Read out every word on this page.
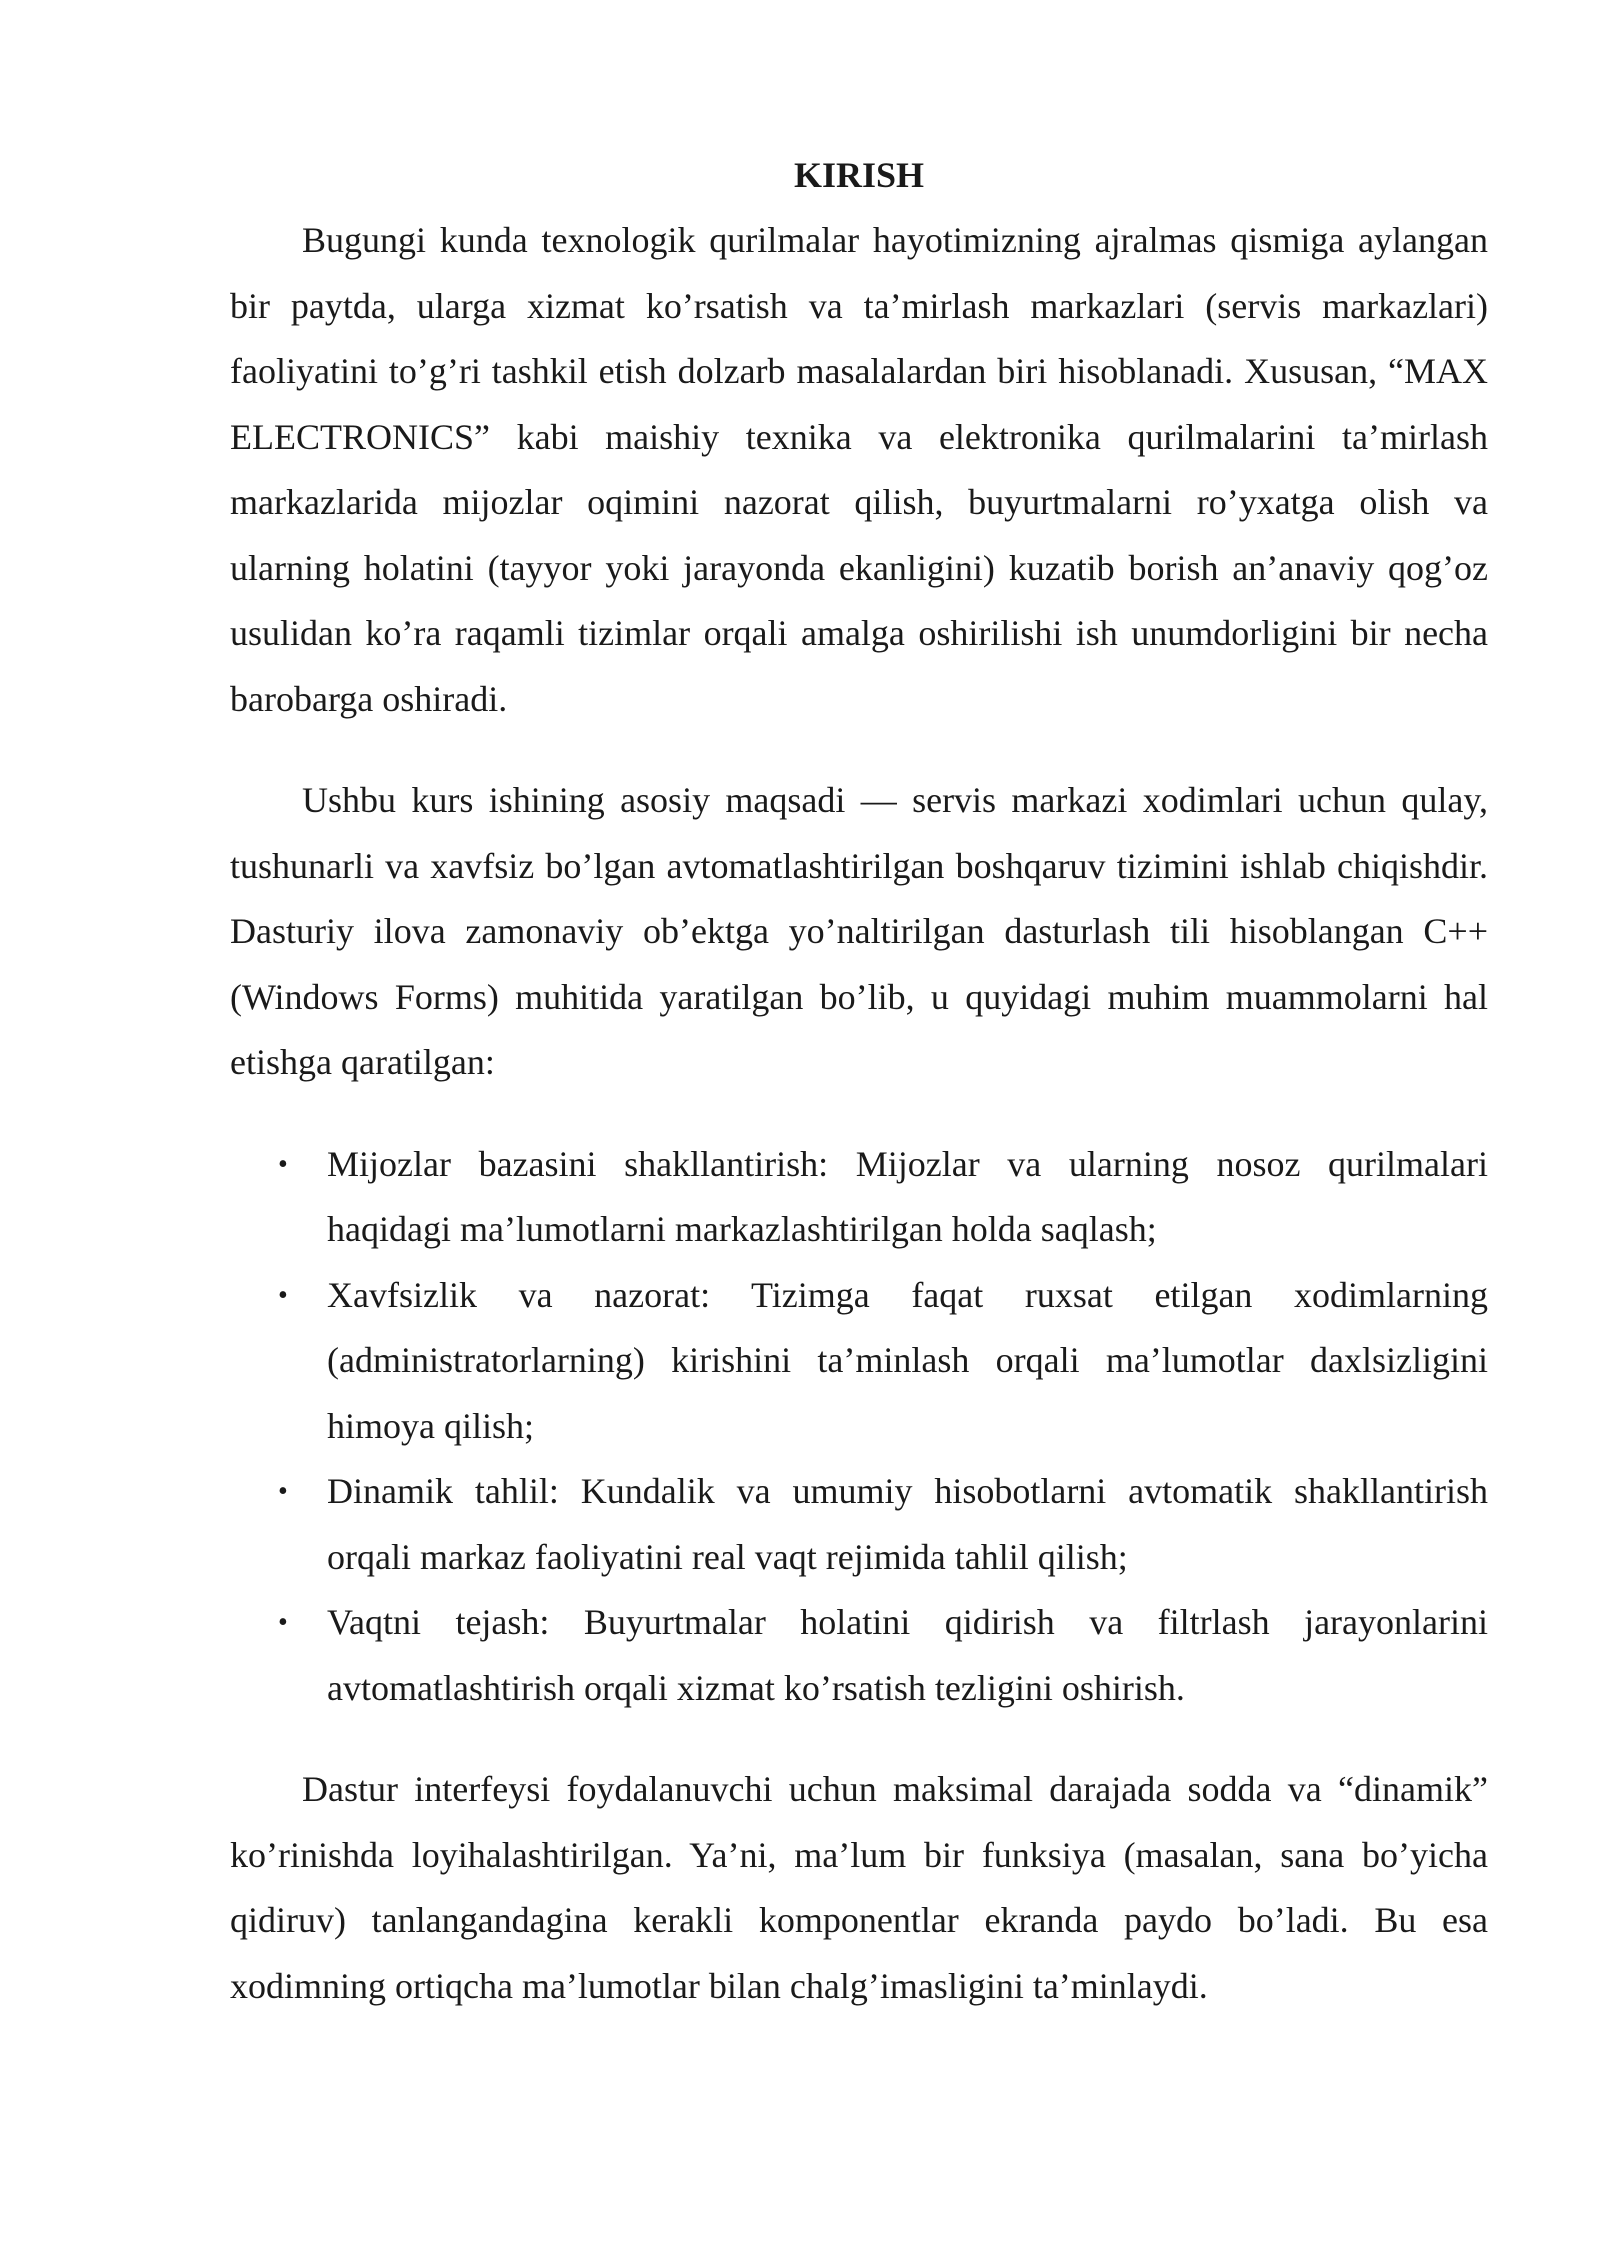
KIRISH

Bugungi kunda texnologik qurilmalar hayotimizning ajralmas qismiga aylangan bir paytda, ularga xizmat ko’rsatish va ta’mirlash markazlari (servis markazlari) faoliyatini to’g’ri tashkil etish dolzarb masalalardan biri hisoblanadi. Xususan, “MAX ELECTRONICS” kabi maishiy texnika va elektronika qurilmalarini ta’mirlash markazlarida mijozlar oqimini nazorat qilish, buyurtmalarni ro’yxatga olish va ularning holatini (tayyor yoki jarayonda ekanligini) kuzatib borish an’anaviy qog’oz usulidan ko’ra raqamli tizimlar orqali amalga oshirilishi ish unumdorligini bir necha barobarga oshiradi.

Ushbu kurs ishining asosiy maqsadi — servis markazi xodimlari uchun qulay, tushunarli va xavfsiz bo’lgan avtomatlashtirilgan boshqaruv tizimini ishlab chiqishdir. Dasturiy ilova zamonaviy ob’ektga yo’naltirilgan dasturlash tili hisoblangan C++ (Windows Forms) muhitida yaratilgan bo’lib, u quyidagi muhim muammolarni hal etishga qaratilgan:

• Mijozlar bazasini shakllantirish: Mijozlar va ularning nosoz qurilmalari haqidagi ma’lumotlarni markazlashtirilgan holda saqlash;
• Xavfsizlik va nazorat: Tizimga faqat ruxsat etilgan xodimlarning (administratorlarning) kirishini ta’minlash orqali ma’lumotlar daxlsizligini himoya qilish;
• Dinamik tahlil: Kundalik va umumiy hisobotlarni avtomatik shakllantirish orqali markaz faoliyatini real vaqt rejimida tahlil qilish;
• Vaqtni tejash: Buyurtmalar holatini qidirish va filtrlash jarayonlarini avtomatlashtirish orqali xizmat ko’rsatish tezligini oshirish.

Dastur interfeysi foydalanuvchi uchun maksimal darajada sodda va “dinamik” ko’rinishda loyihalashtirilgan. Ya’ni, ma’lum bir funksiya (masalan, sana bo’yicha qidiruv) tanlangandagina kerakli komponentlar ekranda paydo bo’ladi. Bu esa xodimning ortiqcha ma’lumotlar bilan chalg’imasligini ta’minlaydi.
